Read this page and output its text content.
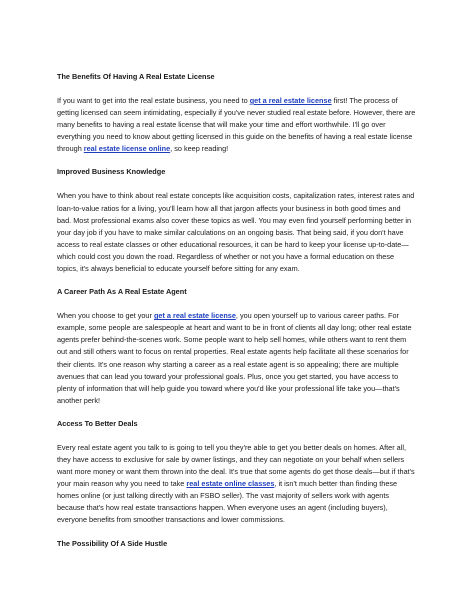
The Benefits Of Having A Real Estate License

If you want to get into the real estate business, you need to get a real estate license first! The process of getting licensed can seem intimidating, especially if you've never studied real estate before. However, there are many benefits to having a real estate license that will make your time and effort worthwhile. I'll go over everything you need to know about getting licensed in this guide on the benefits of having a real estate license through real estate license online, so keep reading!

Improved Business Knowledge

When you have to think about real estate concepts like acquisition costs, capitalization rates, interest rates and loan-to-value ratios for a living, you'll learn how all that jargon affects your business in both good times and bad. Most professional exams also cover these topics as well. You may even find yourself performing better in your day job if you have to make similar calculations on an ongoing basis. That being said, if you don't have access to real estate classes or other educational resources, it can be hard to keep your license up-to-date—which could cost you down the road. Regardless of whether or not you have a formal education on these topics, it's always beneficial to educate yourself before sitting for any exam.

A Career Path As A Real Estate Agent

When you choose to get your get a real estate license, you open yourself up to various career paths. For example, some people are salespeople at heart and want to be in front of clients all day long; other real estate agents prefer behind-the-scenes work. Some people want to help sell homes, while others want to rent them out and still others want to focus on rental properties. Real estate agents help facilitate all these scenarios for their clients. It's one reason why starting a career as a real estate agent is so appealing; there are multiple avenues that can lead you toward your professional goals. Plus, once you get started, you have access to plenty of information that will help guide you toward where you'd like your professional life take you—that's another perk!

Access To Better Deals

Every real estate agent you talk to is going to tell you they're able to get you better deals on homes. After all, they have access to exclusive for sale by owner listings, and they can negotiate on your behalf when sellers want more money or want them thrown into the deal. It's true that some agents do get those deals—but if that's your main reason why you need to take real estate online classes, it isn't much better than finding these homes online (or just talking directly with an FSBO seller). The vast majority of sellers work with agents because that's how real estate transactions happen. When everyone uses an agent (including buyers), everyone benefits from smoother transactions and lower commissions.

The Possibility Of A Side Hustle
